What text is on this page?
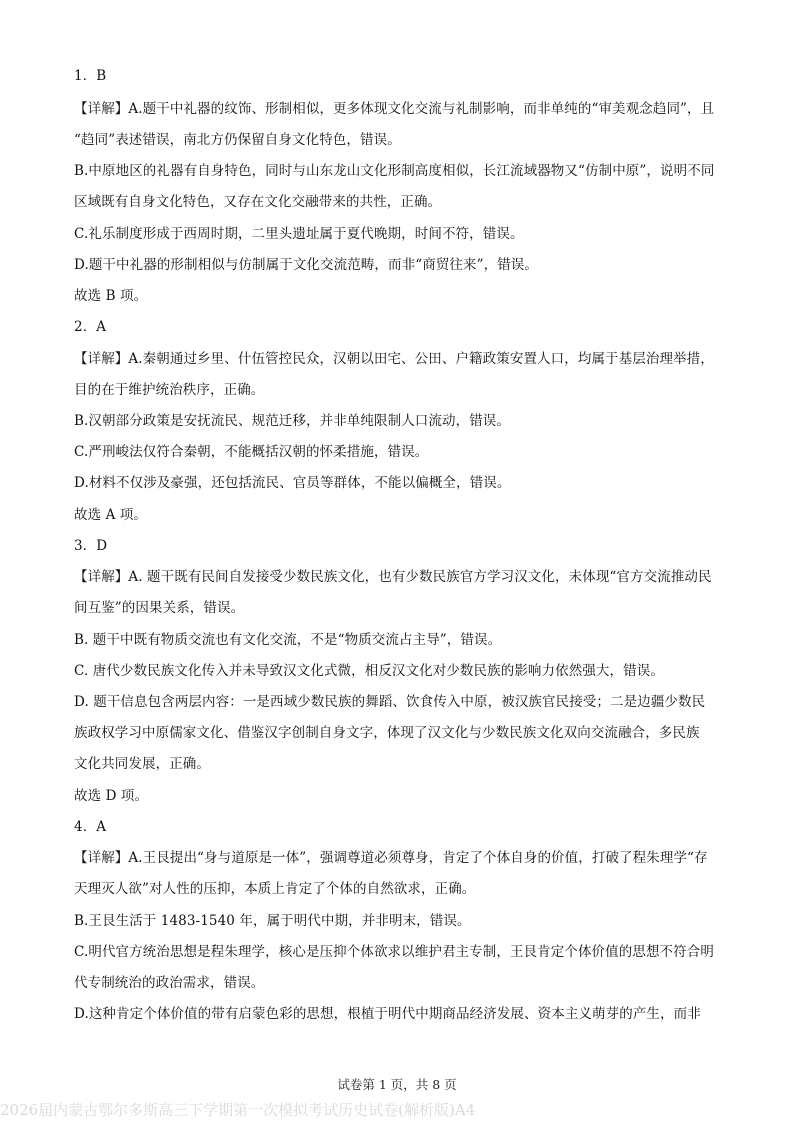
1．B
【详解】A.题干中礼器的纹饰、形制相似，更多体现文化交流与礼制影响，而非单纯的“审美观念趋同”，且
“趋同”表述错误，南北方仍保留自身文化特色，错误。
B.中原地区的礼器有自身特色，同时与山东龙山文化形制高度相似，长江流域器物又“仿制中原”，说明不同
区域既有自身文化特色，又存在文化交融带来的共性，正确。
C.礼乐制度形成于西周时期，二里头遗址属于夏代晚期，时间不符，错误。
D.题干中礼器的形制相似与仿制属于文化交流范畴，而非“商贸往来”，错误。
故选 B 项。
2．A
【详解】A.秦朝通过乡里、什伍管控民众，汉朝以田宅、公田、户籍政策安置人口，均属于基层治理举措，
目的在于维护统治秩序，正确。
B.汉朝部分政策是安抚流民、规范迁移，并非单纯限制人口流动，错误。
C.严刑峻法仅符合秦朝，不能概括汉朝的怀柔措施，错误。
D.材料不仅涉及豪强，还包括流民、官员等群体，不能以偏概全，错误。
故选 A 项。
3．D
【详解】A. 题干既有民间自发接受少数民族文化，也有少数民族官方学习汉文化，未体现“官方交流推动民
间互鉴”的因果关系，错误。
B. 题干中既有物质交流也有文化交流，不是“物质交流占主导”，错误。
C. 唐代少数民族文化传入并未导致汉文化式微，相反汉文化对少数民族的影响力依然强大，错误。
D. 题干信息包含两层内容：一是西域少数民族的舞蹈、饮食传入中原，被汉族官民接受；二是边疆少数民
族政权学习中原儒家文化、借鉴汉字创制自身文字，体现了汉文化与少数民族文化双向交流融合，多民族
文化共同发展，正确。
故选 D 项。
4．A
【详解】A.王艮提出“身与道原是一体”，强调尊道必须尊身，肯定了个体自身的价值，打破了程朱理学“存
天理灭人欲”对人性的压抑，本质上肯定了个体的自然欲求，正确。
B.王艮生活于 1483-1540 年，属于明代中期，并非明末，错误。
C.明代官方统治思想是程朱理学，核心是压抑个体欲求以维护君主专制，王艮肯定个体价值的思想不符合明
代专制统治的政治需求，错误。
D.这种肯定个体价值的带有启蒙色彩的思想，根植于明代中期商品经济发展、资本主义萌芽的产生，而非
试卷第 1 页，共 8 页
2026届内蒙古鄂尔多斯高三下学期第一次模拟考试历史试卷(解析版)A4
